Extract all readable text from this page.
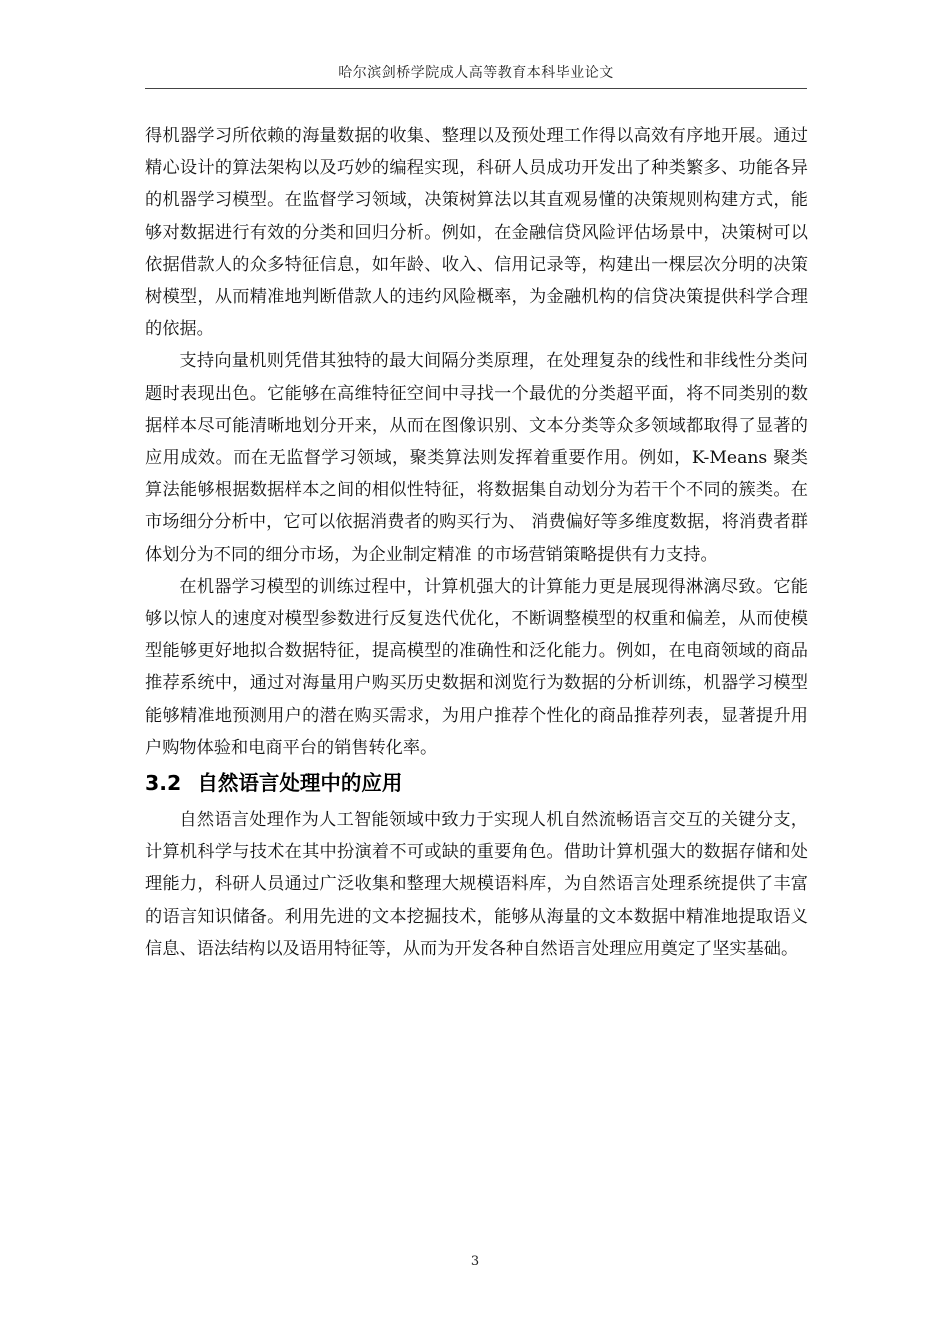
哈尔滨剑桥学院成人高等教育本科毕业论文

得机器学习所依赖的海量数据的收集、整理以及预处理工作得以高效有序地开展。通过精心设计的算法架构以及巧妙的编程实现，科研人员成功开发出了种类繁多、功能各异的机器学习模型。在监督学习领域，决策树算法以其直观易懂的决策规则构建方式，能够对数据进行有效的分类和回归分析。例如，在金融信贷风险评估场景中，决策树可以依据借款人的众多特征信息，如年龄、收入、信用记录等，构建出一棵层次分明的决策树模型，从而精准地判断借款人的违约风险概率，为金融机构的信贷决策提供科学合理的依据。

支持向量机则凭借其独特的最大间隔分类原理，在处理复杂的线性和非线性分类问题时表现出色。它能够在高维特征空间中寻找一个最优的分类超平面，将不同类别的数据样本尽可能清晰地划分开来，从而在图像识别、文本分类等众多领域都取得了显著的应用成效。而在无监督学习领域，聚类算法则发挥着重要作用。例如，K-Means 聚类算法能够根据数据样本之间的相似性特征，将数据集自动划分为若干个不同的簇类。在市场细分分析中，它可以依据消费者的购买行为、 消费偏好等多维度数据，将消费者群体划分为不同的细分市场，为企业制定精准 的市场营销策略提供有力支持。

在机器学习模型的训练过程中，计算机强大的计算能力更是展现得淋漓尽致。它能够以惊人的速度对模型参数进行反复迭代优化，不断调整模型的权重和偏差，从而使模型能够更好地拟合数据特征，提高模型的准确性和泛化能力。例如，在电商领域的商品推荐系统中，通过对海量用户购买历史数据和浏览行为数据的分析训练，机器学习模型能够精准地预测用户的潜在购买需求，为用户推荐个性化的商品推荐列表，显著提升用户购物体验和电商平台的销售转化率。

3.2 自然语言处理中的应用

自然语言处理作为人工智能领域中致力于实现人机自然流畅语言交互的关键分支，计算机科学与技术在其中扮演着不可或缺的重要角色。借助计算机强大的数据存储和处理能力，科研人员通过广泛收集和整理大规模语料库，为自然语言处理系统提供了丰富的语言知识储备。利用先进的文本挖掘技术，能够从海量的文本数据中精准地提取语义信息、语法结构以及语用特征等，从而为开发各种自然语言处理应用奠定了坚实基础。

3
